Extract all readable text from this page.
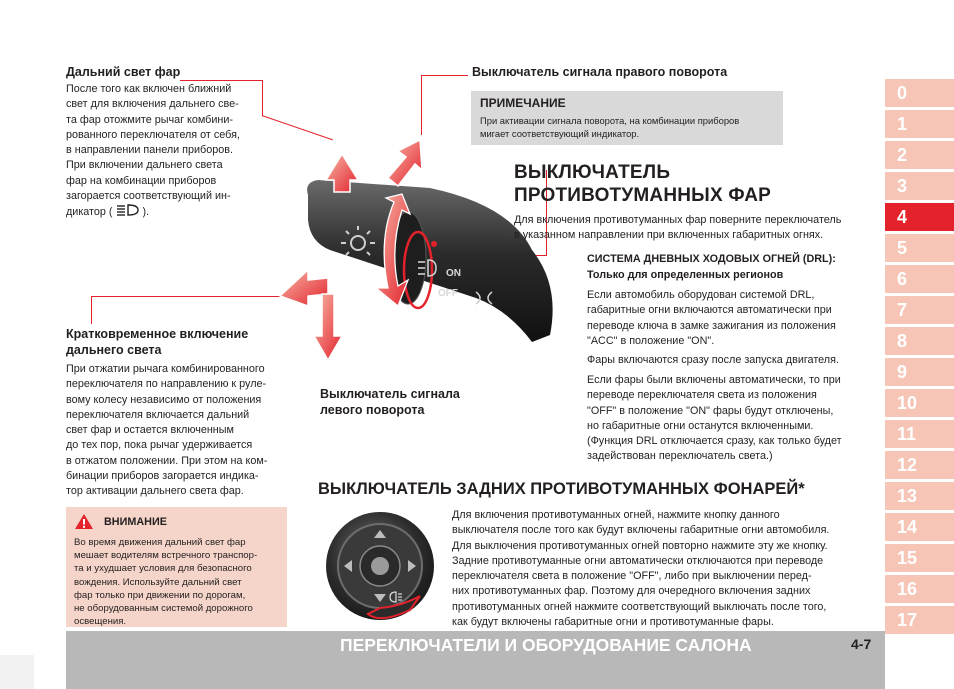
Дальний свет фар
После того как включен ближний
свет для включения дальнего све-
та фар отожмите рычаг комбини-
рованного переключателя от себя,
в направлении панели приборов.
При включении дальнего света
фар на комбинации приборов
загорается соответствующий ин-
дикатор (  ).
Кратковременное включение
дальнего света
При отжатии рычага комбинированного
переключателя по направлению к руле-
вому колесу независимо от положения
переключателя включается дальний
свет фар и остается включенным
до тех пор, пока рычаг удерживается
в отжатом положении. При этом на ком-
бинации приборов загорается индика-
тор активации дальнего света фар.
ВНИМАНИЕ
Во время движения дальний свет фар
мешает водителям встречного транспор-
та и ухудшает условия для безопасного
вождения. Используйте дальний свет
фар только при движении по дорогам,
не оборудованным системой дорожного
освещения.
ON
OFF
Выключатель сигнала правого поворота
Выключатель сигнала
левого поворота
ПРИМЕЧАНИЕ
При активации сигнала поворота, на комбинации приборов
мигает соответствующий индикатор.
ВЫКЛЮЧАТЕЛЬ
ПРОТИВОТУМАННЫХ ФАР
Для включения противотуманных фар поверните переключатель
в указанном направлении при включенных габаритных огнях.
СИСТЕМА ДНЕВНЫХ ХОДОВЫХ ОГНЕЙ (DRL):
Только для определенных регионов
Если автомобиль оборудован системой DRL,
габаритные огни включаются автоматически при
переводе ключа в замке зажигания из положения
"ACC" в положение "ON".
Фары включаются сразу после запуска двигателя.
Если фары были включены автоматически, то при
переводе переключателя света из положения
"OFF" в положение "ON" фары будут отключены,
но габаритные огни останутся включенными.
(Функция DRL отключается сразу, как только будет
задействован переключатель света.)
ВЫКЛЮЧАТЕЛЬ ЗАДНИХ ПРОТИВОТУМАННЫХ ФОНАРЕЙ*
Для включения противотуманных огней, нажмите кнопку данного
выключателя после того как будут включены габаритные огни автомобиля.
Для выключения противотуманных огней повторно нажмите эту же кнопку.
Задние противотуманные огни автоматически отключаются при переводе
переключателя света в положение "OFF", либо при выключении перед-
них противотуманных фар. Поэтому для очередного включения задних
противотуманных огней нажмите соответствующий выключать после того,
как будут включены габаритные огни и противотуманные фары.
0
1
2
3
4
5
6
7
8
9
10
11
12
13
14
15
16
17
ПЕРЕКЛЮЧАТЕЛИ И ОБОРУДОВАНИЕ САЛОНА	4-7
